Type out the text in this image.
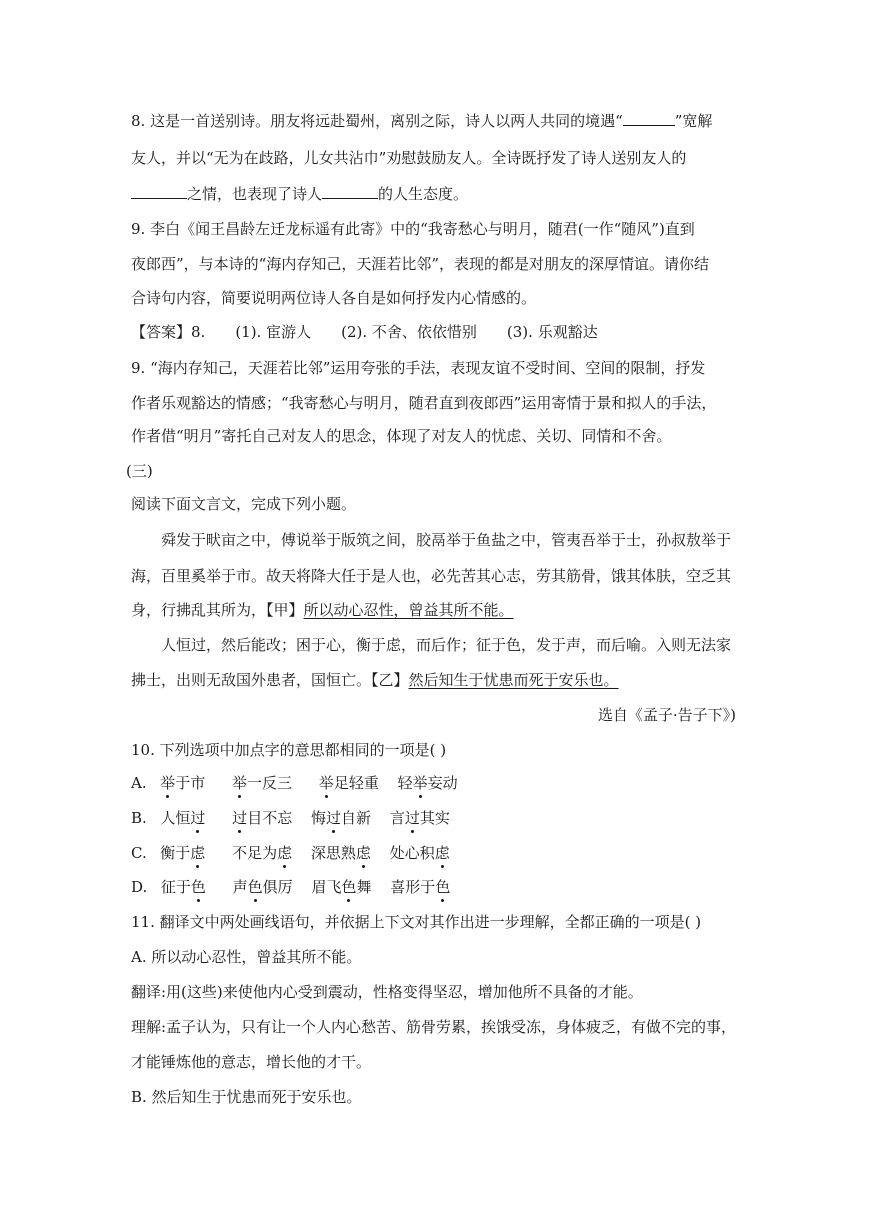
8. 这是一首送别诗。朋友将远赴蜀州，离别之际，诗人以两人共同的境遇“	”宽解
友人，并以“无为在歧路，儿女共沾巾”劝慰鼓励友人。全诗既抒发了诗人送别友人的
之情，也表现了诗人	的人生态度。
9. 李白《闻王昌龄左迁龙标遥有此寄》中的“我寄愁心与明月，随君(一作“随风”)直到
夜郎西”，与本诗的“海内存知己，天涯若比邻”，表现的都是对朋友的深厚情谊。请你结
合诗句内容，简要说明两位诗人各自是如何抒发内心情感的。
【答案】8. (1). 宦游人 (2). 不舍、依依惜别 (3). 乐观豁达
9. “海内存知己，天涯若比邻”运用夸张的手法，表现友谊不受时间、空间的限制，抒发
作者乐观豁达的情感；“我寄愁心与明月，随君直到夜郎西”运用寄情于景和拟人的手法，
作者借“明月”寄托自己对友人的思念，体现了对友人的忧虑、关切、同情和不舍。
(三)
阅读下面文言文，完成下列小题。
舜发于畎亩之中，傅说举于版筑之间，胶鬲举于鱼盐之中，管夷吾举于士，孙叔敖举于
海，百里奚举于市。故天将降大任于是人也，必先苦其心志，劳其筋骨，饿其体肤，空乏其
身，行拂乱其所为，【甲】所以动心忍性，曾益其所不能。
人恒过，然后能改；困于心，衡于虑，而后作；征于色，发于声，而后喻。入则无法家
拂士，出则无敌国外患者，国恒亡。【乙】然后知生于忧患而死于安乐也。
选自《孟子·告子下》)
10. 下列选项中加点字的意思都相同的一项是( )
A. 举于市 举一反三 举足轻重 轻举妄动
B. 人恒过 过目不忘 悔过自新 言过其实
C. 衡于虑 不足为虑 深思熟虑 处心积虑
D. 征于色 声色俱厉 眉飞色舞 喜形于色
11. 翻译文中两处画线语句，并依据上下文对其作出进一步理解，全都正确的一项是( )
A. 所以动心忍性，曾益其所不能。
翻译:用(这些)来使他内心受到震动，性格变得坚忍，增加他所不具备的才能。
理解:孟子认为，只有让一个人内心愁苦、筋骨劳累，挨饿受冻，身体疲乏，有做不完的事，
才能锤炼他的意志，增长他的才干。
B. 然后知生于忧患而死于安乐也。
